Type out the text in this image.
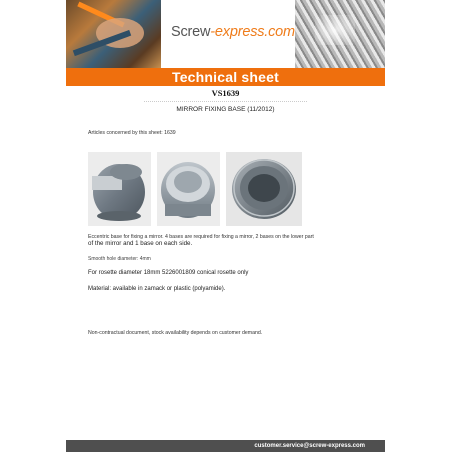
Screw-express.com
Technical sheet
VS1639
MIRROR FIXING BASE (11/2012)
Articles concerned by this sheet: 1639
Eccentric base for fixing a mirror. 4 bases are required for fixing a mirror, 2 bases on the lower part
of the mirror and 1 base on each side.
Smooth hole diameter: 4mm
For rosette diameter 18mm 5226001809 conical rosette only
Material: available in zamack or plastic (polyamide).
Non-contractual document, stock availability depends on customer demand.
customer.service@screw-express.com
